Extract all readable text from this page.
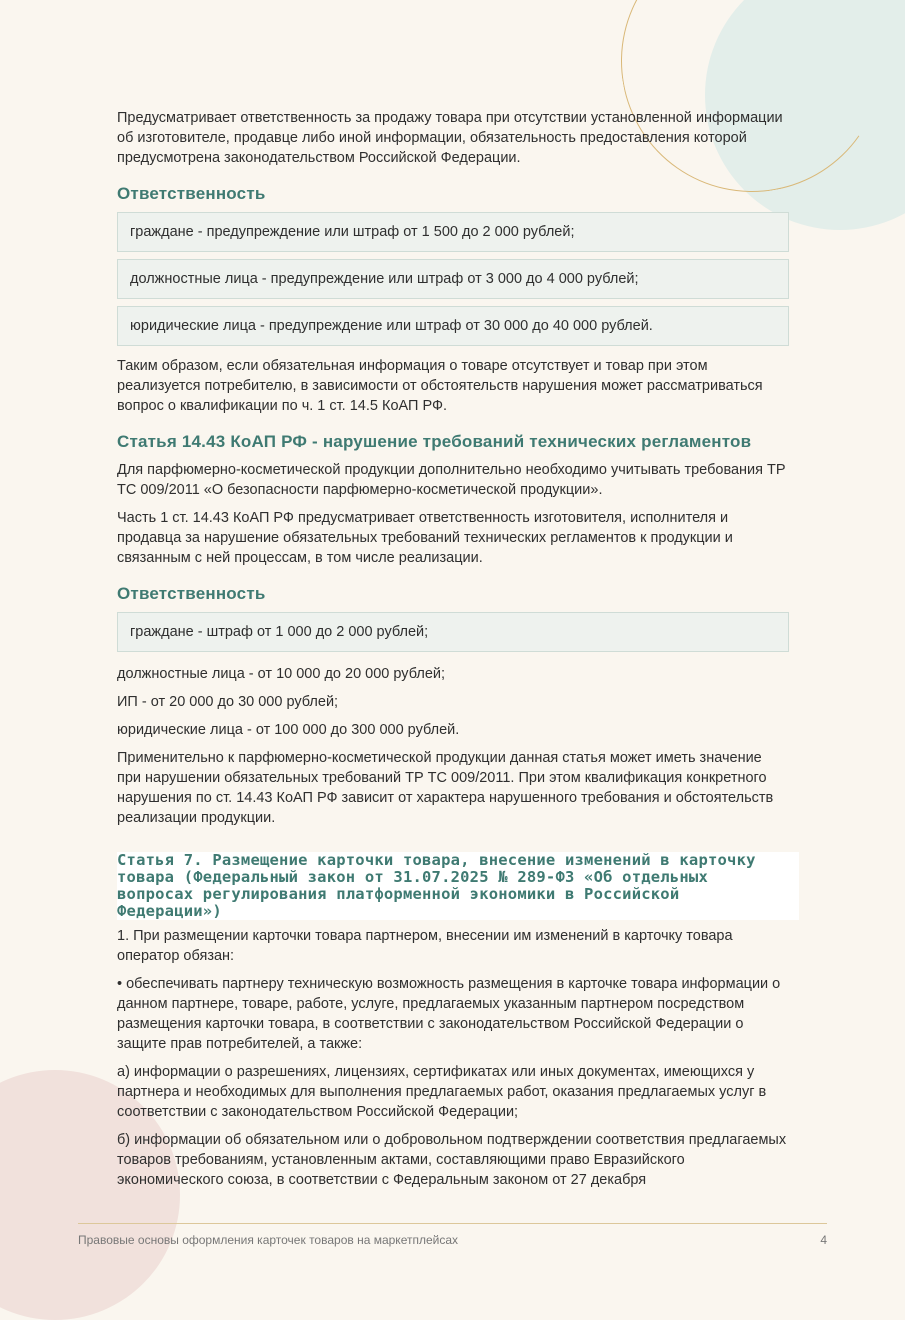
Предусматривает ответственность за продажу товара при отсутствии установленной информации об изготовителе, продавце либо иной информации, обязательность предоставления которой предусмотрена законодательством Российской Федерации.

Ответственность
граждане - предупреждение или штраф от 1 500 до 2 000 рублей;
должностные лица - предупреждение или штраф от 3 000 до 4 000 рублей;
юридические лица - предупреждение или штраф от 30 000 до 40 000 рублей.

Таким образом, если обязательная информация о товаре отсутствует и товар при этом реализуется потребителю, в зависимости от обстоятельств нарушения может рассматриваться вопрос о квалификации по ч. 1 ст. 14.5 КоАП РФ.

Статья 14.43 КоАП РФ - нарушение требований технических регламентов

Для парфюмерно-косметической продукции дополнительно необходимо учитывать требования ТР ТС 009/2011 «О безопасности парфюмерно-косметической продукции».

Часть 1 ст. 14.43 КоАП РФ предусматривает ответственность изготовителя, исполнителя и продавца за нарушение обязательных требований технических регламентов к продукции и связанным с ней процессам, в том числе реализации.

Ответственность
граждане - штраф от 1 000 до 2 000 рублей;

должностные лица - от 10 000 до 20 000 рублей;

ИП - от 20 000 до 30 000 рублей;

юридические лица - от 100 000 до 300 000 рублей.

Применительно к парфюмерно-косметической продукции данная статья может иметь значение при нарушении обязательных требований ТР ТС 009/2011. При этом квалификация конкретного нарушения по ст. 14.43 КоАП РФ зависит от характера нарушенного требования и обстоятельств реализации продукции.

Статья 7. Размещение карточки товара, внесение изменений в карточку товара (Федеральный закон от 31.07.2025 № 289-ФЗ «Об отдельных вопросах регулирования платформенной экономики в Российской Федерации»)

1. При размещении карточки товара партнером, внесении им изменений в карточку товара оператор обязан:

• обеспечивать партнеру техническую возможность размещения в карточке товара информации о данном партнере, товаре, работе, услуге, предлагаемых указанным партнером посредством размещения карточки товара, в соответствии с законодательством Российской Федерации о защите прав потребителей, а также:

а) информации о разрешениях, лицензиях, сертификатах или иных документах, имеющихся у партнера и необходимых для выполнения предлагаемых работ, оказания предлагаемых услуг в соответствии с законодательством Российской Федерации;

б) информации об обязательном или о добровольном подтверждении соответствия предлагаемых товаров требованиям, установленным актами, составляющими право Евразийского экономического союза, в соответствии с Федеральным законом от 27 декабря

Правовые основы оформления карточек товаров на маркетплейсах	4
